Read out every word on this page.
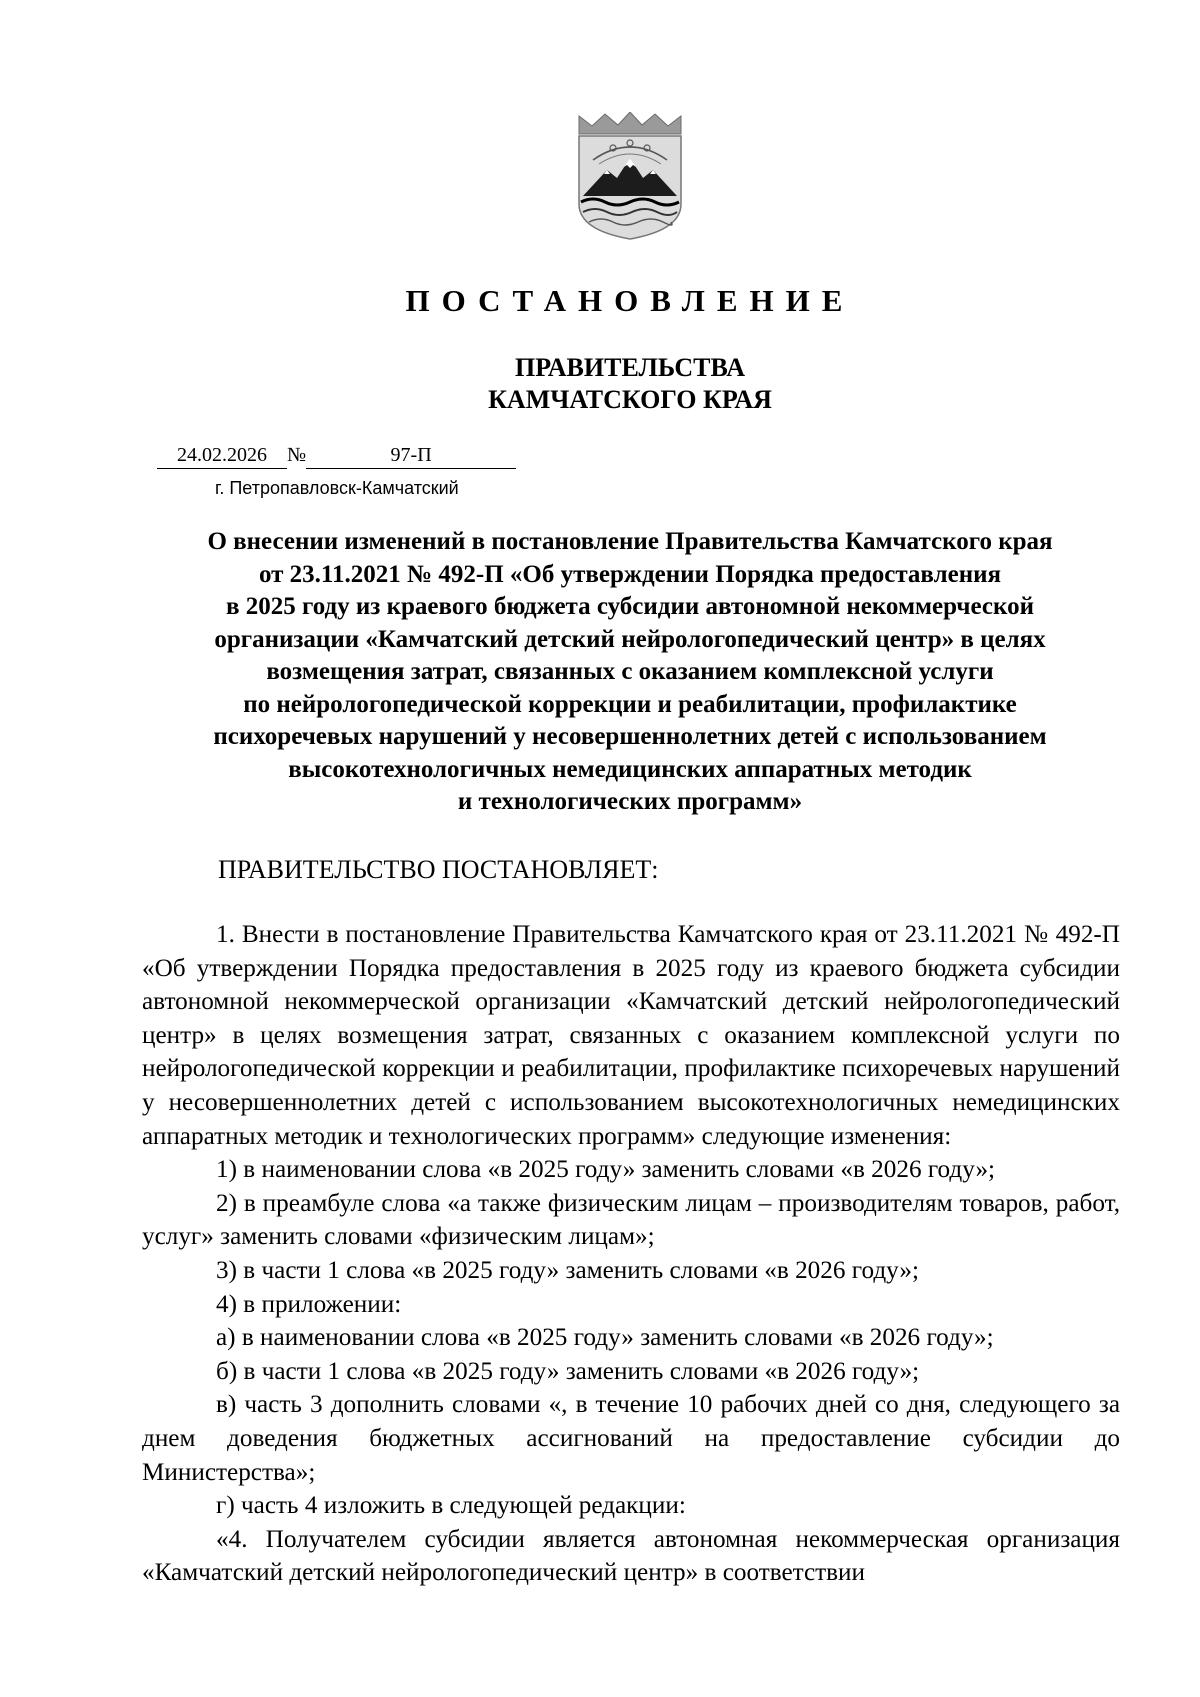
ПОСТАНОВЛЕНИЕ
ПРАВИТЕЛЬСТВА
КАМЧАТСКОГО КРАЯ
24.02.2026 №	97-П
г. Петропавловск-Камчатский
О внесении изменений в постановление Правительства Камчатского края
от 23.11.2021 № 492-П «Об утверждении Порядка предоставления
в 2025 году из краевого бюджета субсидии автономной некоммерческой
организации «Камчатский детский нейрологопедический центр» в целях
возмещения затрат, связанных с оказанием комплексной услуги
по нейрологопедической коррекции и реабилитации, профилактике
психоречевых нарушений у несовершеннолетних детей с использованием
высокотехнологичных немедицинских аппаратных методик
и технологических программ»
ПРАВИТЕЛЬСТВО ПОСТАНОВЛЯЕТ:

1. Внести в постановление Правительства Камчатского края от 23.11.2021 № 492-П «Об утверждении Порядка предоставления в 2025 году из краевого бюджета субсидии автономной некоммерческой организации «Камчатский детский нейрологопедический центр» в целях возмещения затрат, связанных с оказанием комплексной услуги по нейрологопедической коррекции и реабилитации, профилактике психоречевых нарушений у несовершеннолетних детей с использованием высокотехнологичных немедицинских аппаратных методик и технологических программ» следующие изменения:

1) в наименовании слова «в 2025 году» заменить словами «в 2026 году»;

2) в преамбуле слова «а также физическим лицам – производителям товаров, работ, услуг» заменить словами «физическим лицам»;

3) в части 1 слова «в 2025 году» заменить словами «в 2026 году»;

4) в приложении:

а) в наименовании слова «в 2025 году» заменить словами «в 2026 году»;

б) в части 1 слова «в 2025 году» заменить словами «в 2026 году»;

в) часть 3 дополнить словами «, в течение 10 рабочих дней со дня, следующего за днем доведения бюджетных ассигнований на предоставление субсидии до Министерства»;

г) часть 4 изложить в следующей редакции:

«4. Получателем субсидии является автономная некоммерческая организация «Камчатский детский нейрологопедический центр» в соответствии
